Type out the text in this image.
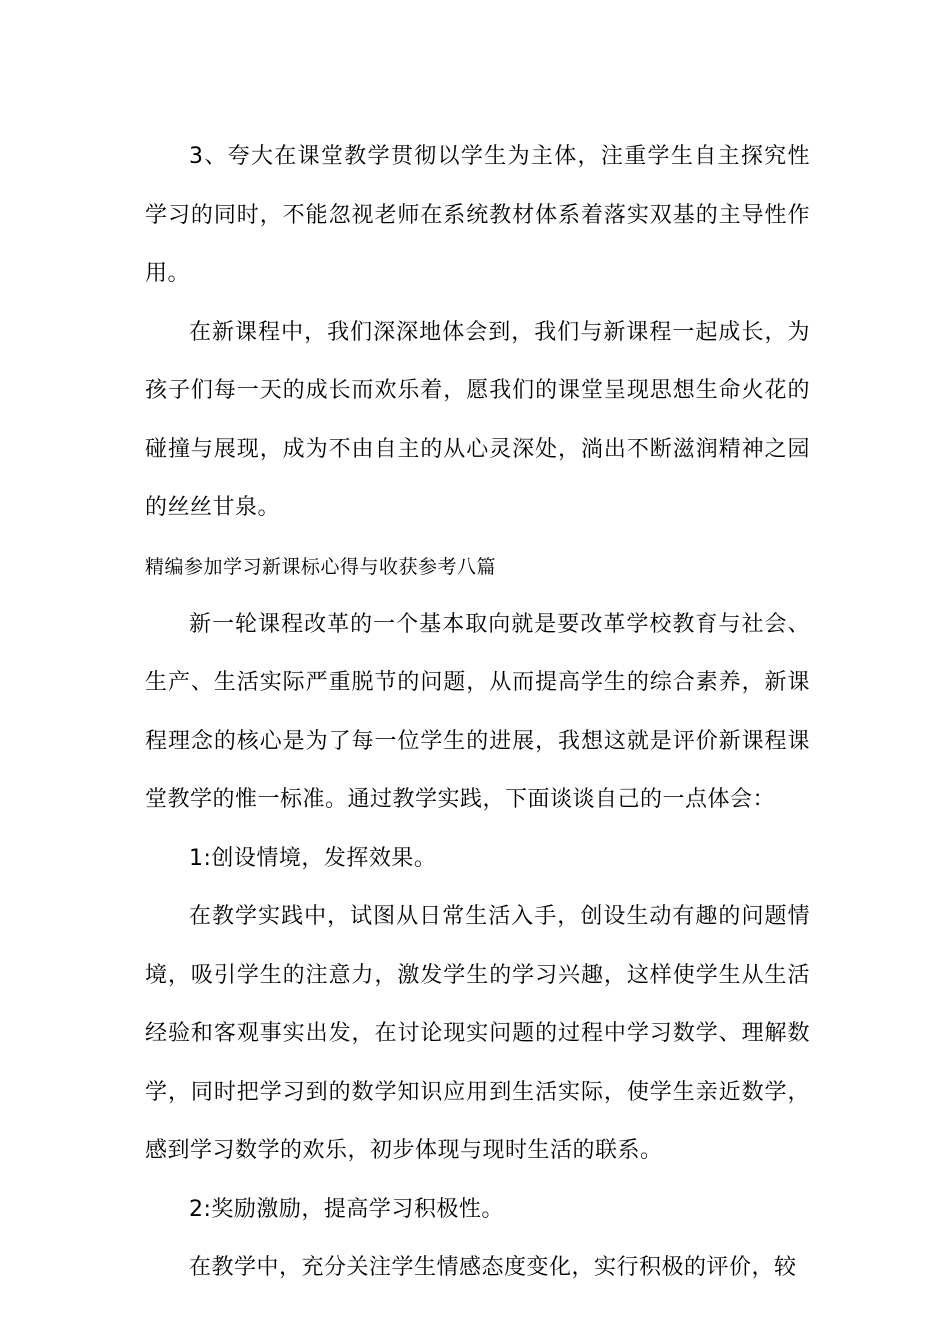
3、夸大在课堂教学贯彻以学生为主体，注重学生自主探究性学习的同时，不能忽视老师在系统教材体系着落实双基的主导性作用。

在新课程中，我们深深地体会到，我们与新课程一起成长，为孩子们每一天的成长而欢乐着，愿我们的课堂呈现思想生命火花的碰撞与展现，成为不由自主的从心灵深处，淌出不断滋润精神之园的丝丝甘泉。

精编参加学习新课标心得与收获参考八篇

新一轮课程改革的一个基本取向就是要改革学校教育与社会、生产、生活实际严重脱节的问题，从而提高学生的综合素养，新课程理念的核心是为了每一位学生的进展，我想这就是评价新课程课堂教学的惟一标准。通过教学实践，下面谈谈自己的一点体会：

1:创设情境，发挥效果。

在教学实践中，试图从日常生活入手，创设生动有趣的问题情境，吸引学生的注意力，激发学生的学习兴趣，这样使学生从生活经验和客观事实出发，在讨论现实问题的过程中学习数学、理解数学，同时把学习到的数学知识应用到生活实际，使学生亲近数学，感到学习数学的欢乐，初步体现与现时生活的联系。

2:奖励激励，提高学习积极性。

在教学中，充分关注学生情感态度变化，实行积极的评价，较
